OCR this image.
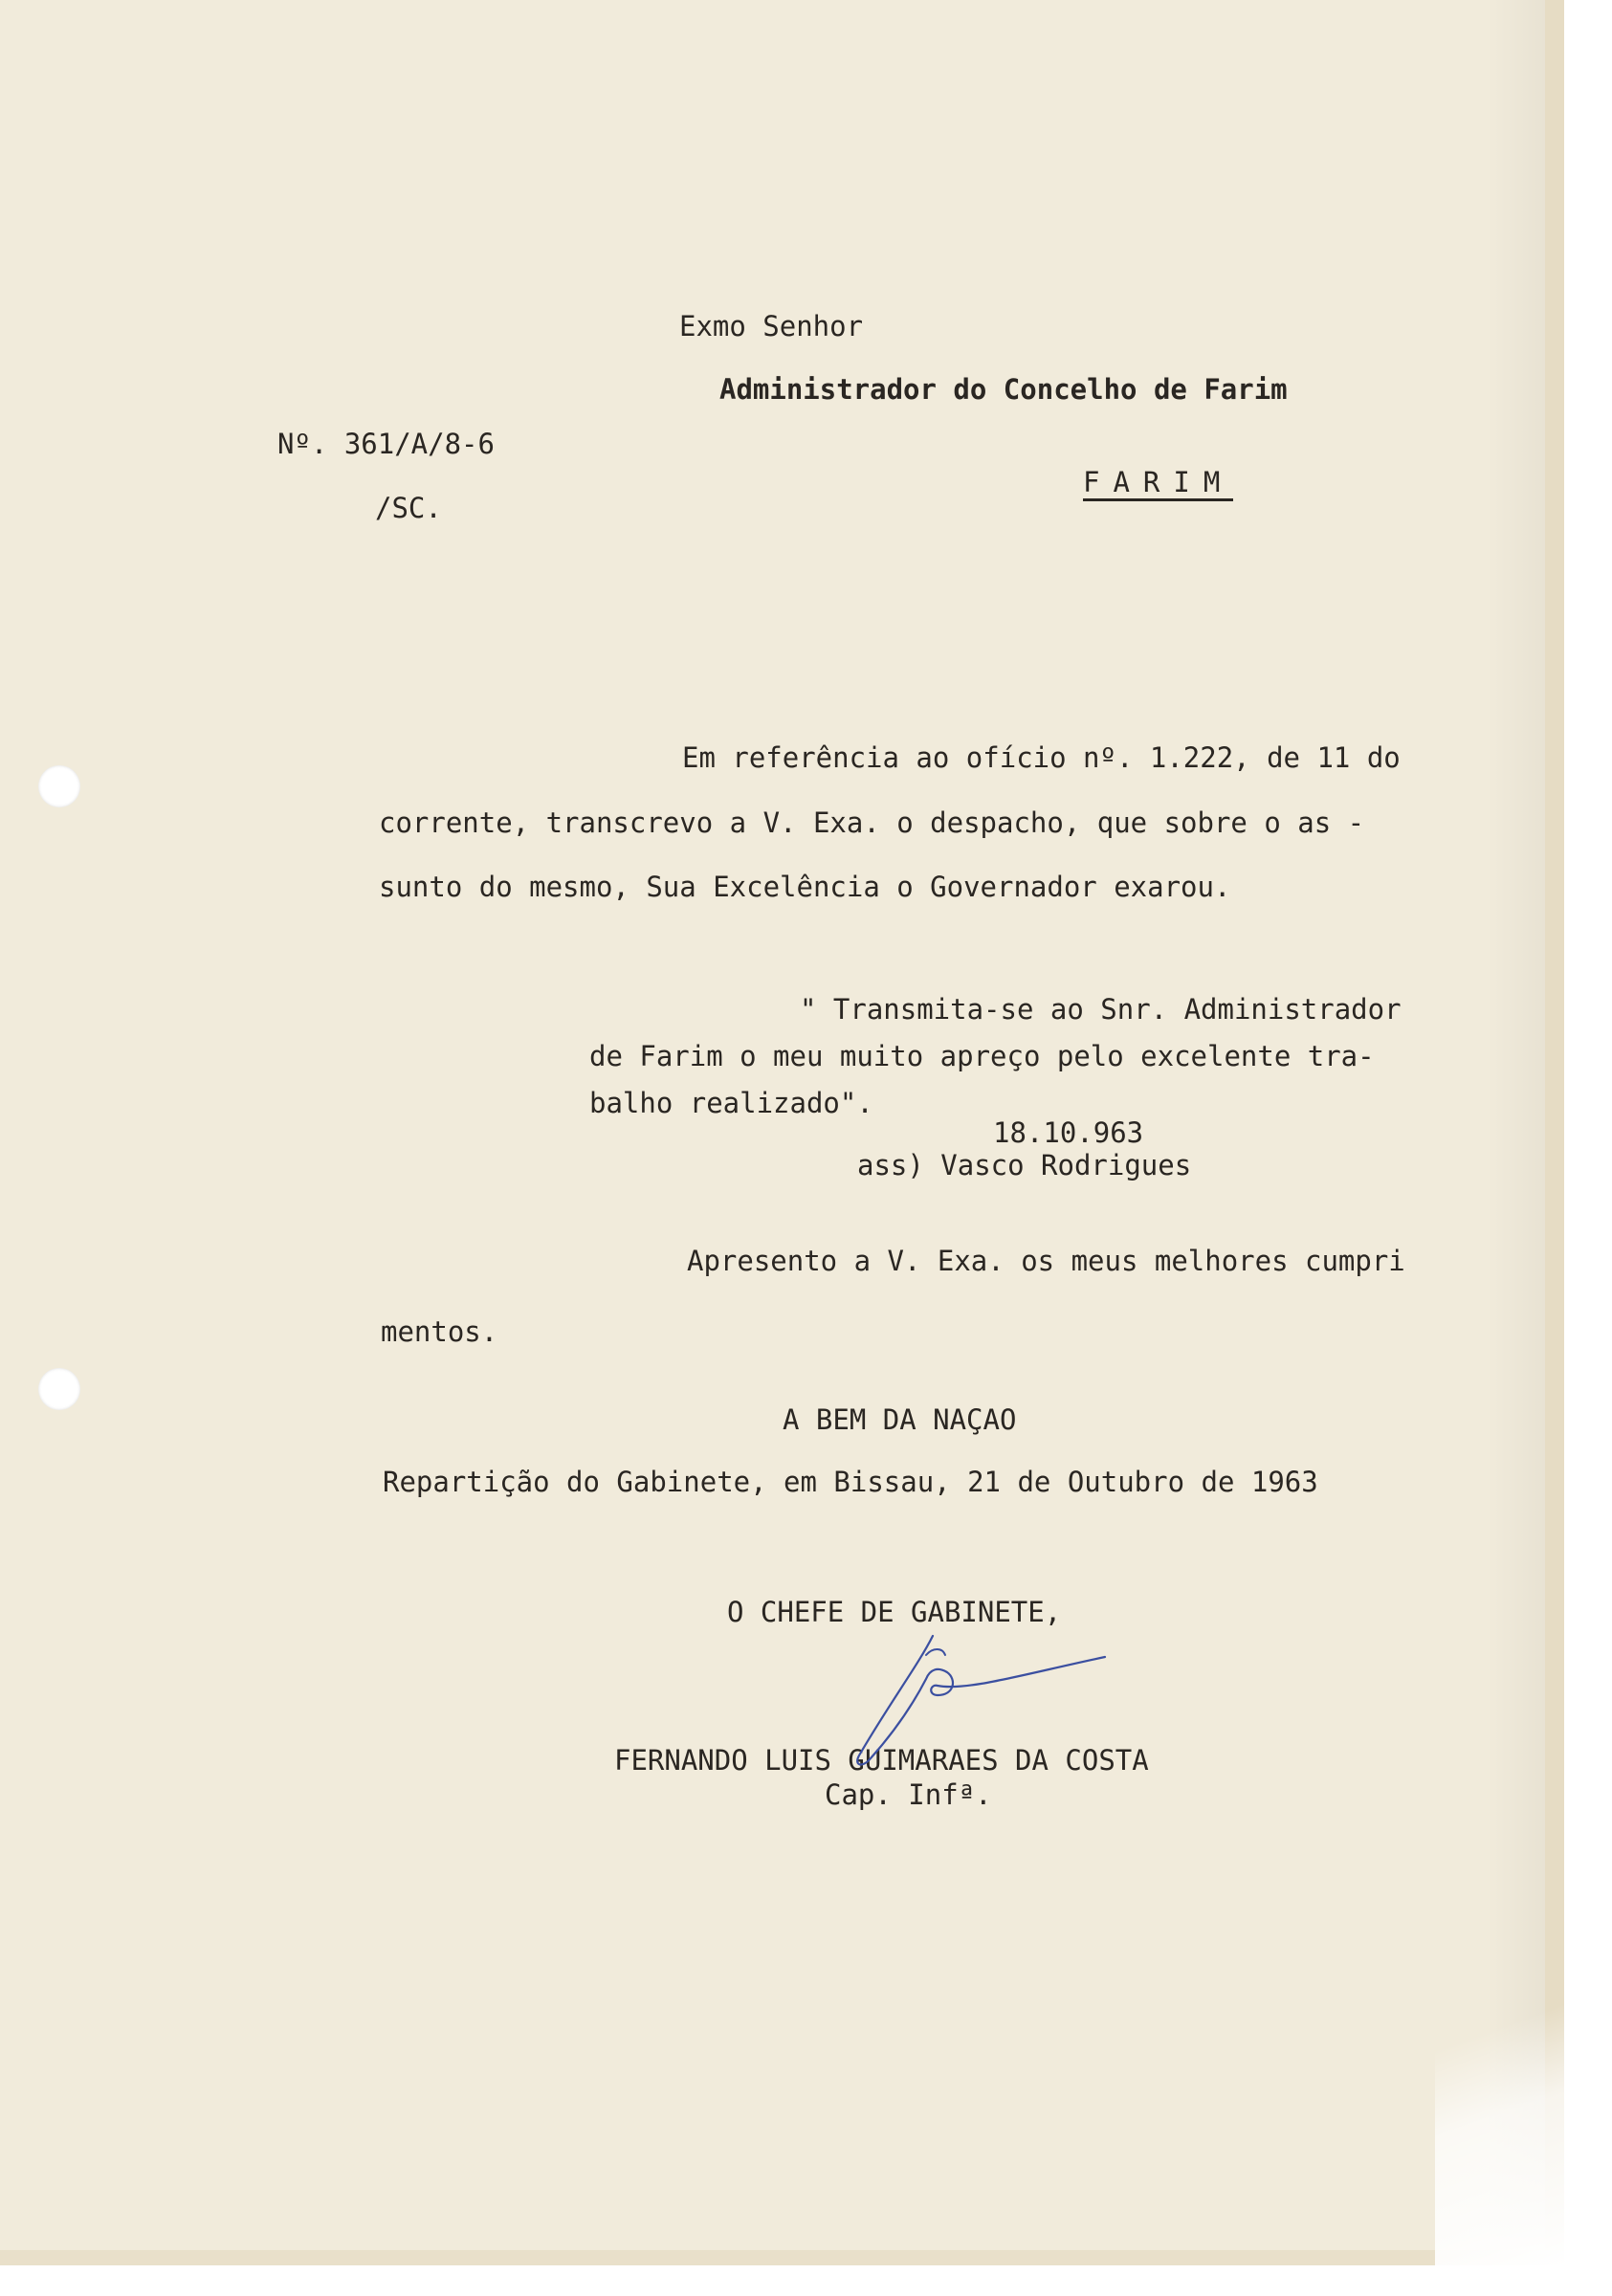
Exmo Senhor
Administrador do Concelho de Farim
Nº. 361/A/8-6
/SC.
FARIM
Em referência ao ofício nº. 1.222, de 11 do
corrente, transcrevo a V. Exa. o despacho, que sobre o as -
sunto do mesmo, Sua Excelência o Governador exarou.
" Transmita-se ao Snr. Administrador
de Farim o meu muito apreço pelo excelente tra-
balho realizado".
18.10.963
ass) Vasco Rodrigues
Apresento a V. Exa. os meus melhores cumpri
mentos.
A BEM DA NAÇAO
Repartição do Gabinete, em Bissau, 21 de Outubro de 1963
O CHEFE DE GABINETE,
FERNANDO LUIS GUIMARAES DA COSTA
Cap. Infª.
